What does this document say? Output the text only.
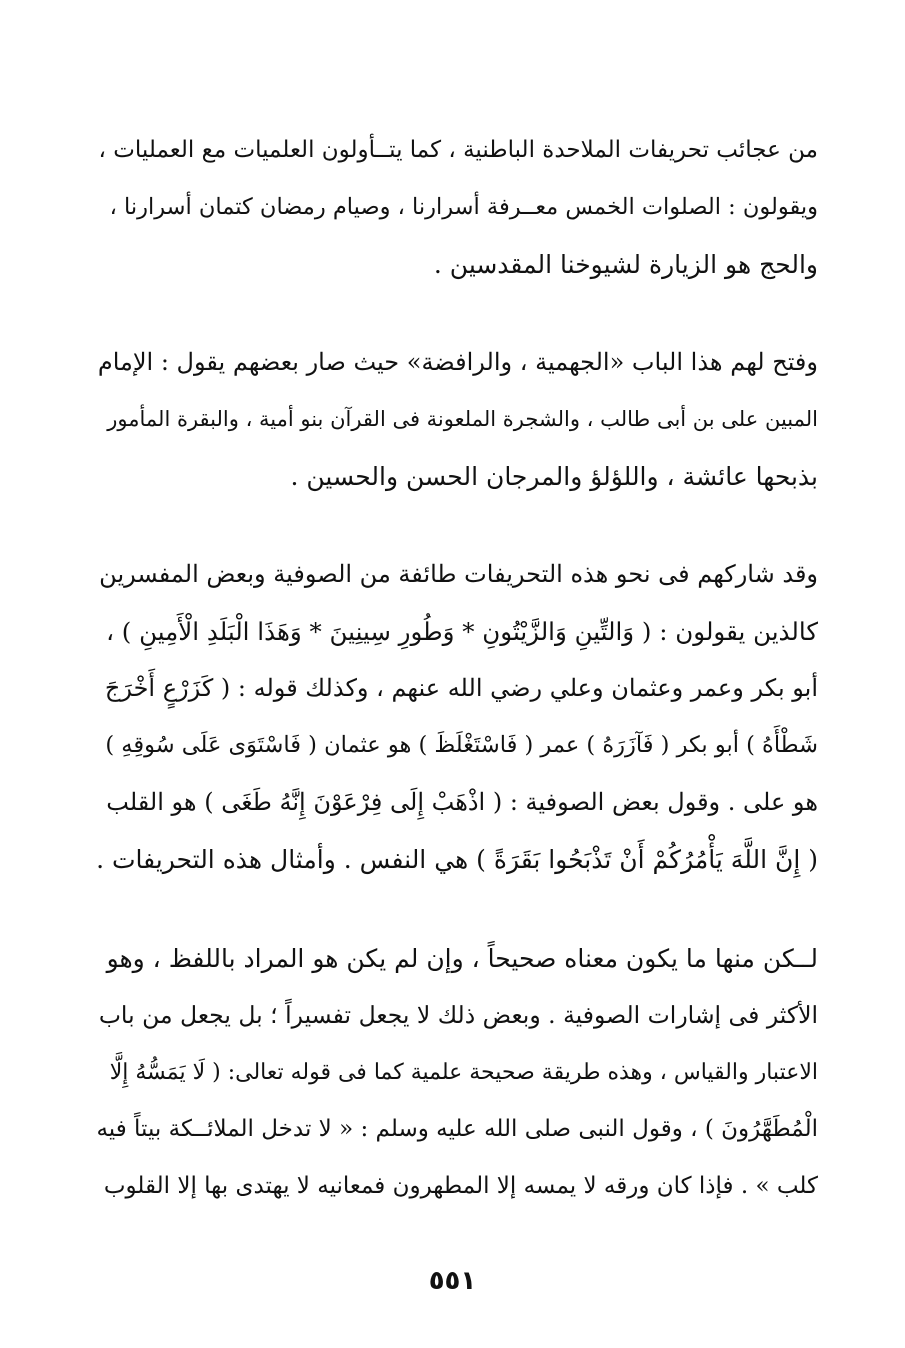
من عجائب تحريفات الملاحدة الباطنية ، كما يتــأولون العلميات مع العمليات ،
ويقولون : الصلوات الخمس معــرفة أسرارنا ، وصيام رمضان كتمان أسرارنا ،
والحج هو الزيارة لشيوخنا المقدسين .
وفتح لهم هذا الباب «الجهمية ، والرافضة» حيث صار بعضهم يقول : الإمام
المبين على بن أبى طالب ، والشجرة الملعونة فى القرآن بنو أمية ، والبقرة المأمور
بذبحها عائشة ، واللؤلؤ والمرجان الحسن والحسين .
وقد شاركهم فى نحو هذه التحريفات طائفة من الصوفية وبعض المفسرين
كالذين يقولون : ( وَالتِّينِ وَالزَّيْتُونِ * وَطُورِ سِينِينَ * وَهَذَا الْبَلَدِ الْأَمِينِ ) ،
أبو بكر وعمر وعثمان وعلي رضي الله عنهم ، وكذلك قوله : ( كَزَرْعٍ أَخْرَجَ
شَطْأَهُ ) أبو بكر ( فَآزَرَهُ ) عمر ( فَاسْتَغْلَظَ ) هو عثمان ( فَاسْتَوَى عَلَى سُوقِهِ )
هو على . وقول بعض الصوفية : ( اذْهَبْ إِلَى فِرْعَوْنَ إِنَّهُ طَغَى ) هو القلب
( إِنَّ اللَّهَ يَأْمُرُكُمْ أَنْ تَذْبَحُوا بَقَرَةً ) هي النفس . وأمثال هذه التحريفات .
لــكن منها ما يكون معناه صحيحاً ، وإن لم يكن هو المراد باللفظ ، وهو
الأكثر فى إشارات الصوفية . وبعض ذلك لا يجعل تفسيراً ؛ بل يجعل من باب
الاعتبار والقياس ، وهذه طريقة صحيحة علمية كما فى قوله تعالى: ( لَا يَمَسُّهُ إِلَّا
الْمُطَهَّرُونَ ) ، وقول النبى صلى الله عليه وسلم : « لا تدخل الملائــكة بيتاً فيه
كلب » . فإذا كان ورقه لا يمسه إلا المطهرون فمعانيه لا يهتدى بها إلا القلوب
٥٥١
